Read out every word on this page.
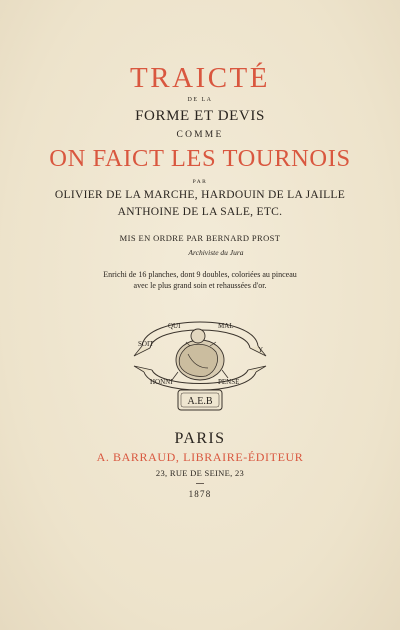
TRAICTÉ
DE LA
FORME ET DEVIS
COMME
ON FAICT LES TOURNOIS
PAR
OLIVIER DE LA MARCHE, HARDOUIN DE LA JAILLE
ANTHOINE DE LA SALE, ETC.
MIS EN ORDRE PAR BERNARD PROST
Archiviste du Jura
Enrichi de 16 planches, dont 9 doubles, coloriées au pinceau
avec le plus grand soin et rehaussées d'or.
QUI	MAL
SOIT
Y
HONNI	PENSE
A.E.B
PARIS
A. BARRAUD, LIBRAIRE-ÉDITEUR
23, RUE DE SEINE, 23
1878
